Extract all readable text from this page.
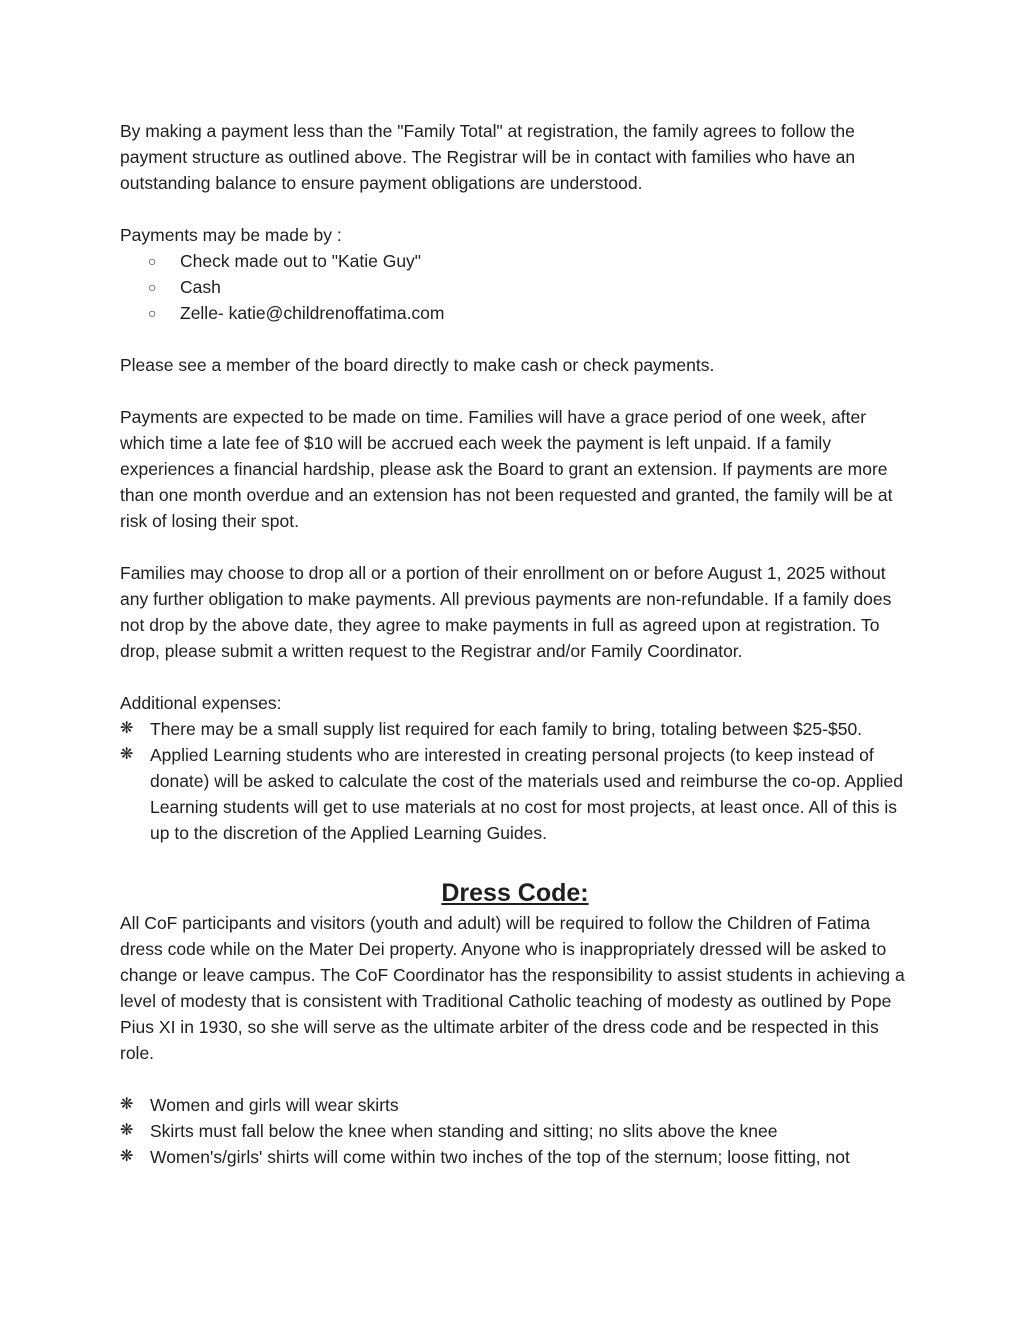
By making a payment less than the "Family Total" at registration, the family agrees to follow the payment structure as outlined above. The Registrar will be in contact with families who have an outstanding balance to ensure payment obligations are understood.

Payments may be made by :

○ Check made out to "Katie Guy"
○ Cash
○ Zelle- katie@childrenoffatima.com

Please see a member of the board directly to make cash or check payments.

Payments are expected to be made on time. Families will have a grace period of one week, after which time a late fee of $10 will be accrued each week the payment is left unpaid. If a family experiences a financial hardship, please ask the Board to grant an extension. If payments are more than one month overdue and an extension has not been requested and granted, the family will be at risk of losing their spot.

Families may choose to drop all or a portion of their enrollment on or before August 1, 2025 without any further obligation to make payments. All previous payments are non-refundable. If a family does not drop by the above date, they agree to make payments in full as agreed upon at registration. To drop, please submit a written request to the Registrar and/or Family Coordinator.

Additional expenses:

❋ There may be a small supply list required for each family to bring, totaling between $25-$50.
❋ Applied Learning students who are interested in creating personal projects (to keep instead of donate) will be asked to calculate the cost of the materials used and reimburse the co-op. Applied Learning students will get to use materials at no cost for most projects, at least once. All of this is up to the discretion of the Applied Learning Guides.
Dress Code:

All CoF participants and visitors (youth and adult) will be required to follow the Children of Fatima dress code while on the Mater Dei property. Anyone who is inappropriately dressed will be asked to change or leave campus. The CoF Coordinator has the responsibility to assist students in achieving a level of modesty that is consistent with Traditional Catholic teaching of modesty as outlined by Pope Pius XI in 1930, so she will serve as the ultimate arbiter of the dress code and be respected in this role.

❋ Women and girls will wear skirts
❋ Skirts must fall below the knee when standing and sitting; no slits above the knee
❋ Women's/girls' shirts will come within two inches of the top of the sternum; loose fitting, not
